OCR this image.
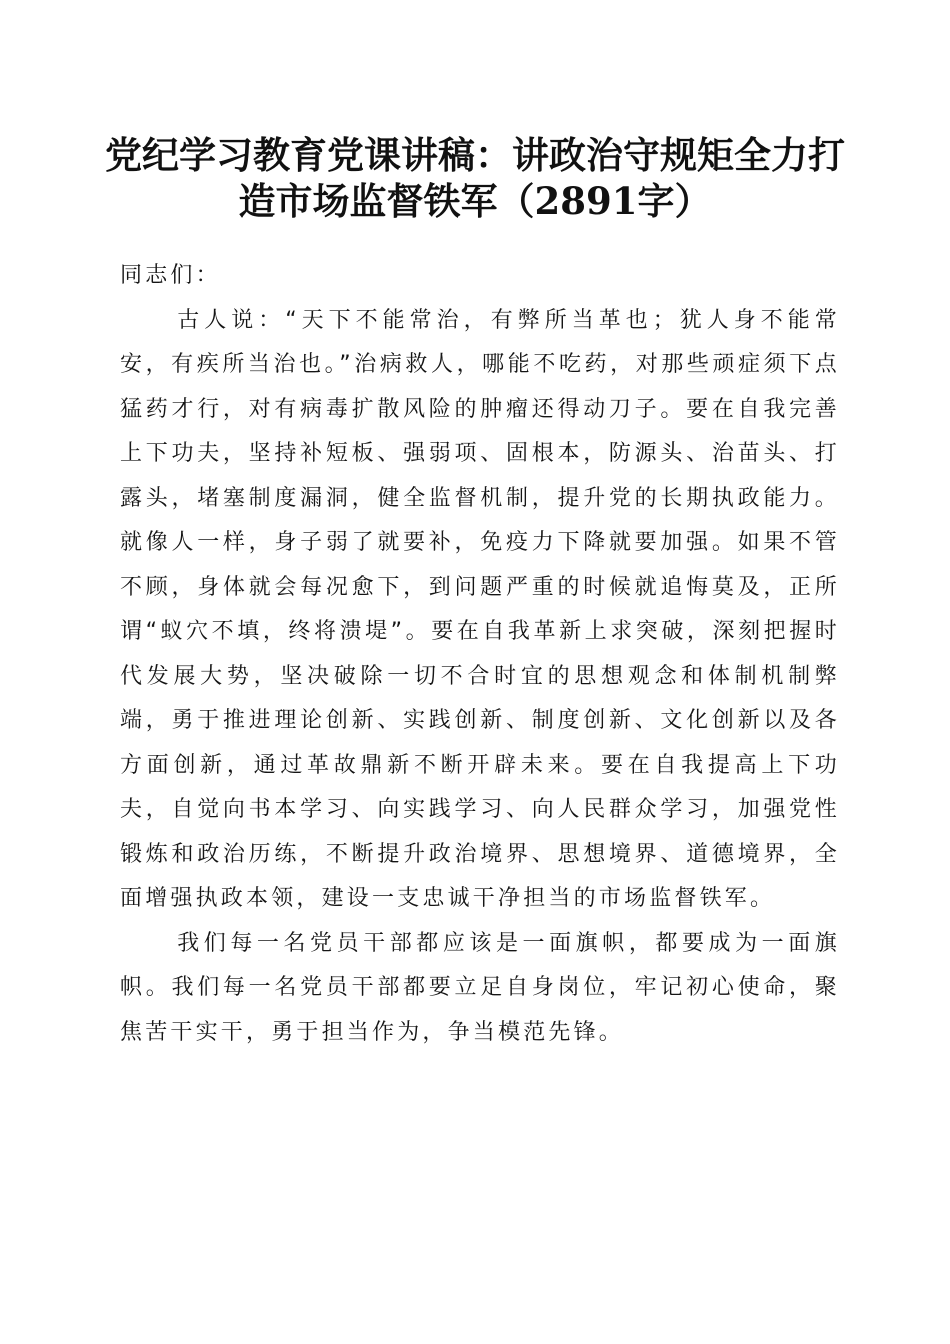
党纪学习教育党课讲稿：讲政治守规矩全力打
造市场监督铁军（2891字）

同志们：

古人说：“天下不能常治，有弊所当革也；犹人身不能常安，有疾所当治也。”治病救人，哪能不吃药，对那些顽症须下点猛药才行，对有病毒扩散风险的肿瘤还得动刀子。要在自我完善上下功夫，坚持补短板、强弱项、固根本，防源头、治苗头、打露头，堵塞制度漏洞，健全监督机制，提升党的长期执政能力。就像人一样，身子弱了就要补，免疫力下降就要加强。如果不管不顾，身体就会每况愈下，到问题严重的时候就追悔莫及，正所谓“蚁穴不填，终将溃堤”。要在自我革新上求突破，深刻把握时代发展大势，坚决破除一切不合时宜的思想观念和体制机制弊端，勇于推进理论创新、实践创新、制度创新、文化创新以及各方面创新，通过革故鼎新不断开辟未来。要在自我提高上下功夫，自觉向书本学习、向实践学习、向人民群众学习，加强党性锻炼和政治历练，不断提升政治境界、思想境界、道德境界，全面增强执政本领，建设一支忠诚干净担当的市场监督铁军。

我们每一名党员干部都应该是一面旗帜，都要成为一面旗帜。我们每一名党员干部都要立足自身岗位，牢记初心使命，聚焦苦干实干，勇于担当作为，争当模范先锋。
